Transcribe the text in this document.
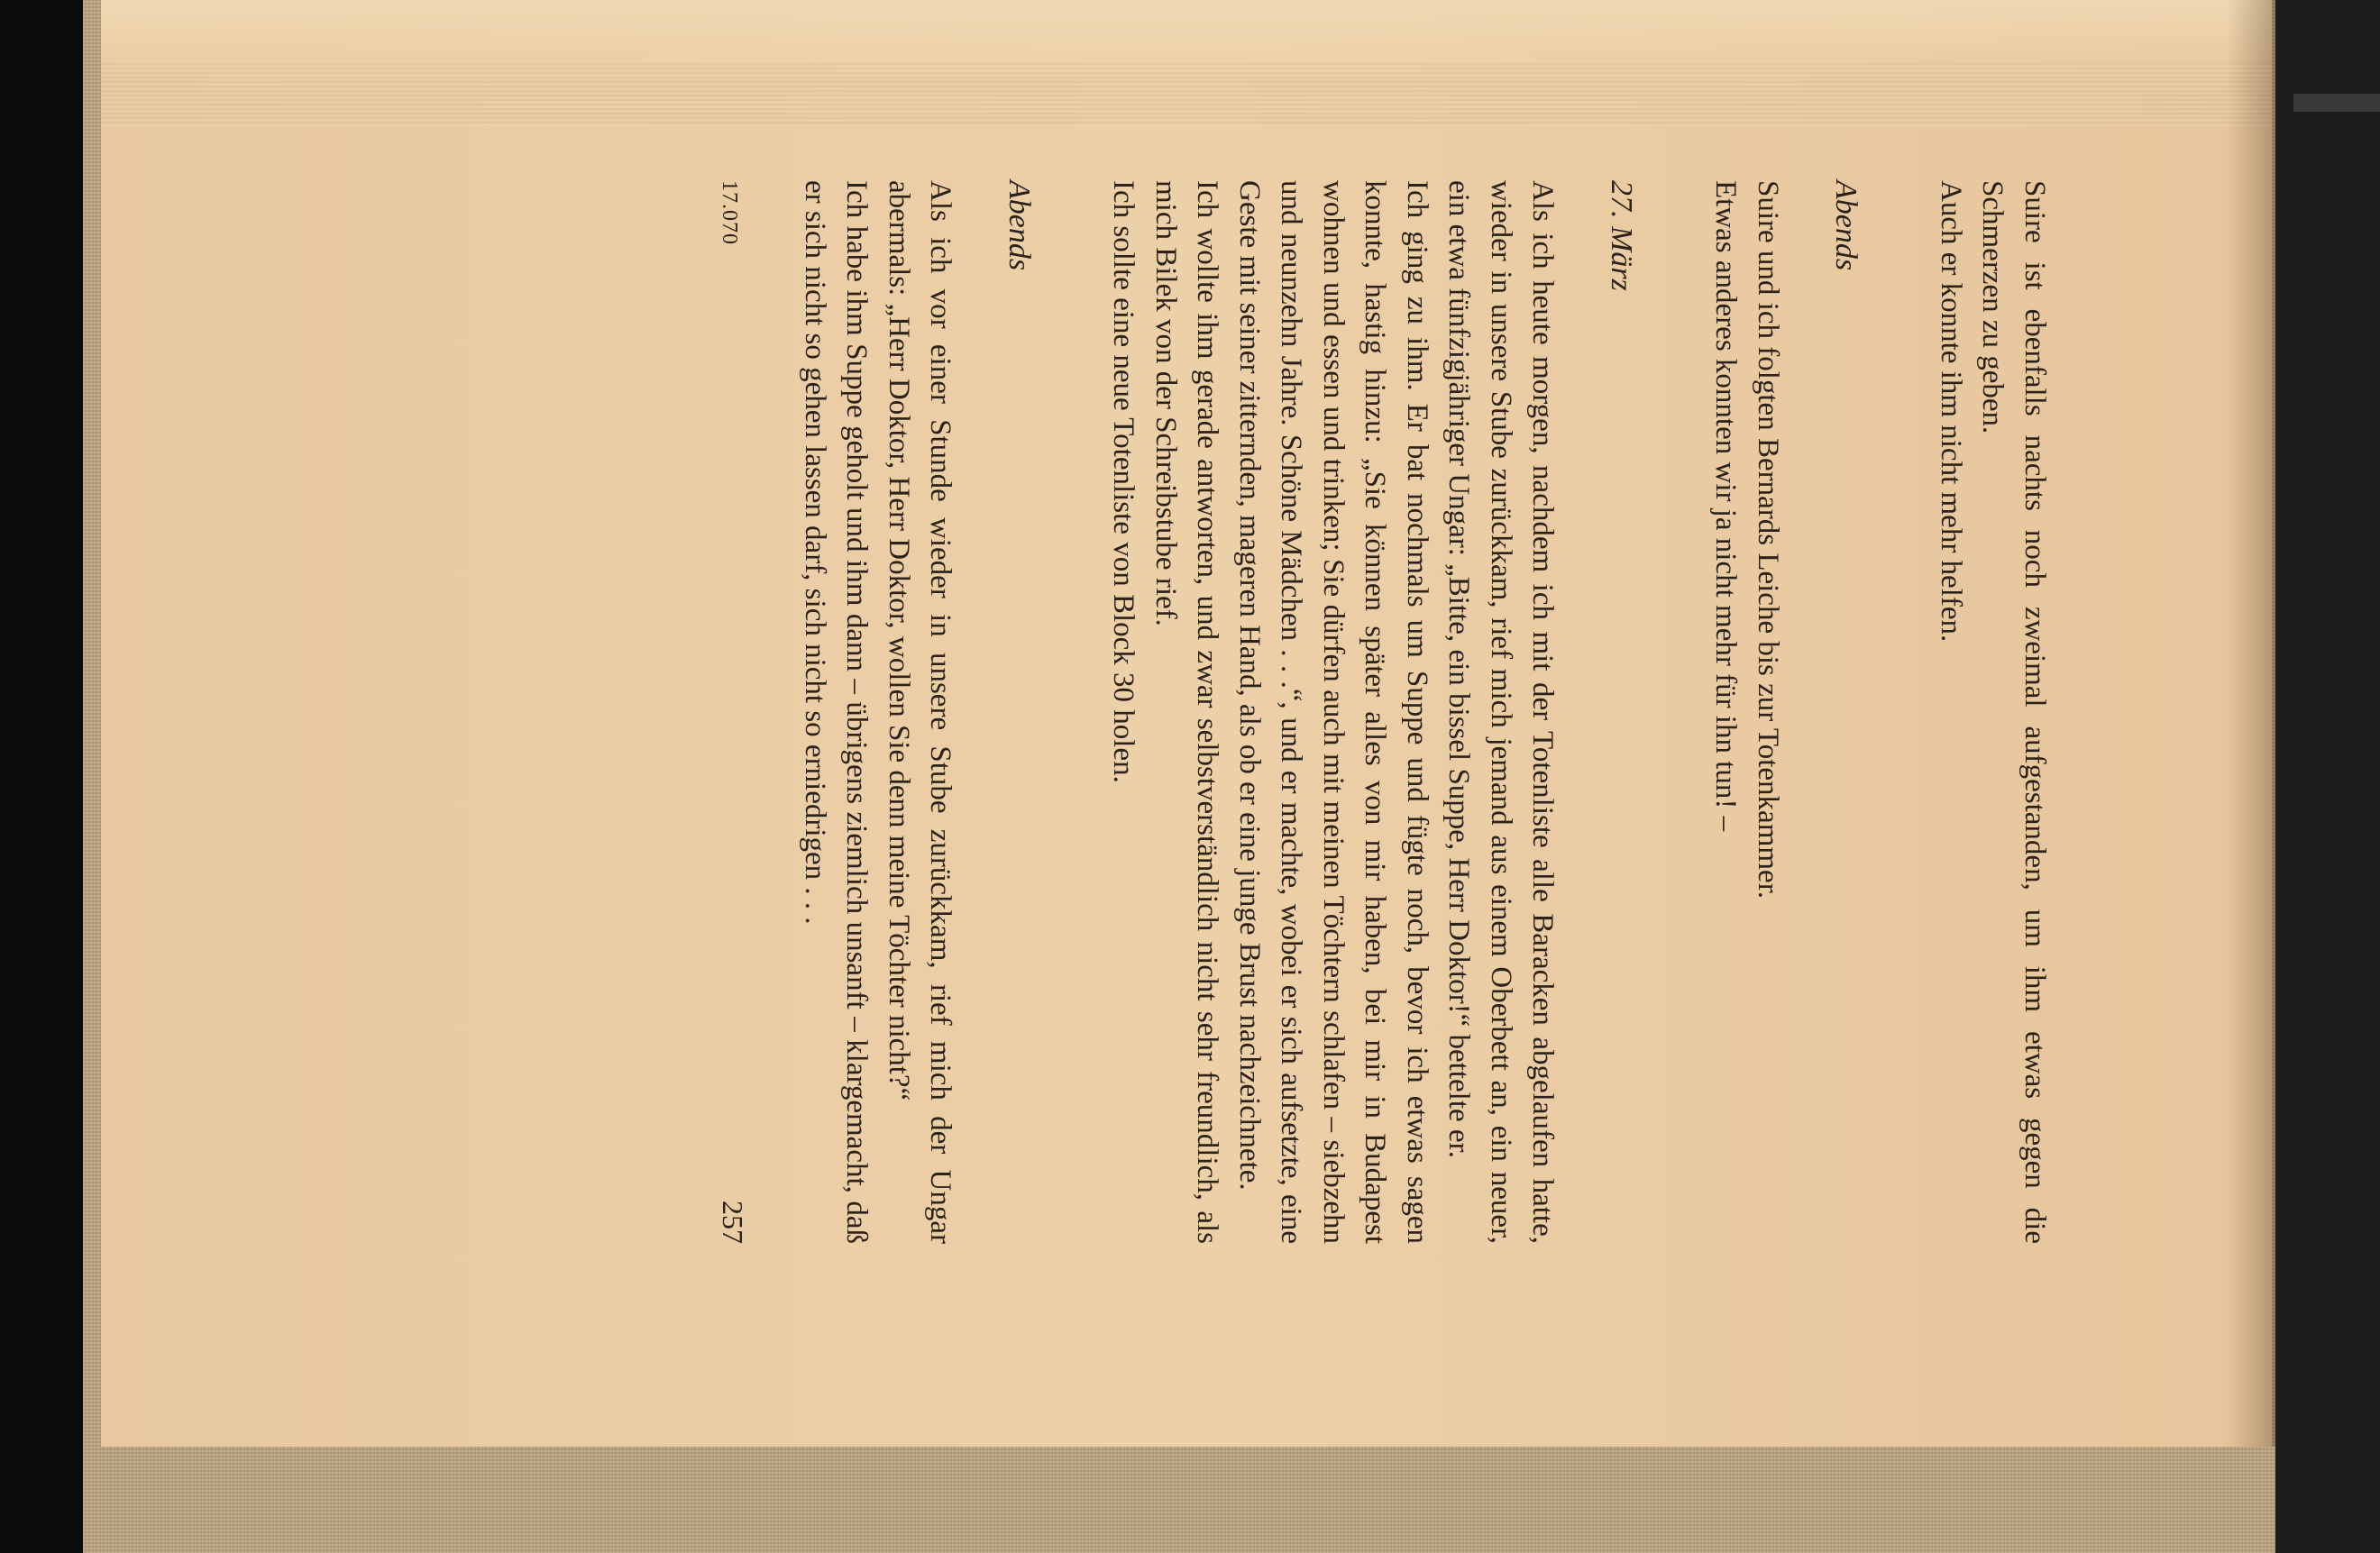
Suire ist ebenfalls nachts noch zweimal aufgestanden, um ihm etwas gegen die Schmerzen zu geben.

Auch er konnte ihm nicht mehr helfen.

Abends

Suire und ich folgten Bernards Leiche bis zur Totenkammer.

Etwas anderes konnten wir ja nicht mehr für ihn tun! –

27. März

Als ich heute morgen, nachdem ich mit der Totenliste alle Baracken abgelaufen hatte, wieder in unsere Stube zurückkam, rief mich jemand aus einem Oberbett an, ein neuer, ein etwa fünfzigjähriger Ungar: „Bitte, ein bissel Suppe, Herr Doktor!“ bettelte er.

Ich ging zu ihm. Er bat nochmals um Suppe und fügte noch, bevor ich etwas sagen konnte, hastig hinzu: „Sie können später alles von mir haben, bei mir in Budapest wohnen und essen und trinken; Sie dürfen auch mit meinen Töchtern schlafen – siebzehn und neunzehn Jahre. Schöne Mädchen . . .“, und er machte, wobei er sich aufsetzte, eine Geste mit seiner zitternden, mageren Hand, als ob er eine junge Brust nachzeichnete.

Ich wollte ihm gerade antworten, und zwar selbstverständlich nicht sehr freundlich, als mich Bilek von der Schreibstube rief.

Ich sollte eine neue Totenliste von Block 30 holen.

Abends

Als ich vor einer Stunde wieder in unsere Stube zurückkam, rief mich der Ungar abermals: „Herr Doktor, Herr Doktor, wollen Sie denn meine Töchter nicht?“

Ich habe ihm Suppe geholt und ihm dann – übrigens ziemlich unsanft – klargemacht, daß er sich nicht so gehen lassen darf, sich nicht so erniedrigen . . .

17.070
257
